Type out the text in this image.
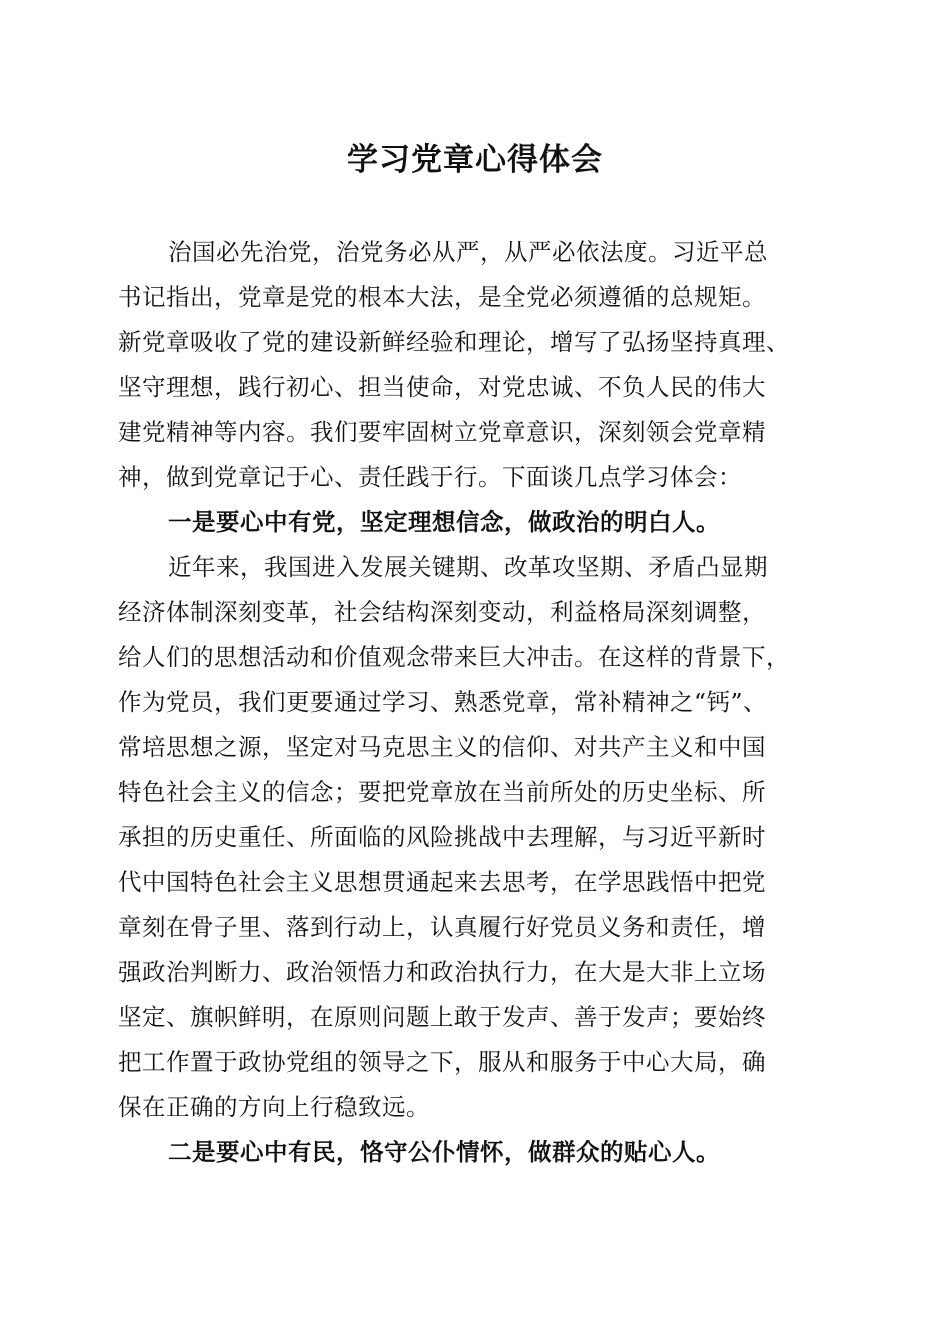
学习党章心得体会
治国必先治党，治党务必从严，从严必依法度。习近平总
书记指出，党章是党的根本大法，是全党必须遵循的总规矩。
新党章吸收了党的建设新鲜经验和理论，增写了弘扬坚持真理、
坚守理想，践行初心、担当使命，对党忠诚、不负人民的伟大
建党精神等内容。我们要牢固树立党章意识，深刻领会党章精
神，做到党章记于心、责任践于行。下面谈几点学习体会：
一是要心中有党，坚定理想信念，做政治的明白人。
近年来，我国进入发展关键期、改革攻坚期、矛盾凸显期
经济体制深刻变革，社会结构深刻变动，利益格局深刻调整，
给人们的思想活动和价值观念带来巨大冲击。在这样的背景下，
作为党员，我们更要通过学习、熟悉党章，常补精神之“钙”、
常培思想之源，坚定对马克思主义的信仰、对共产主义和中国
特色社会主义的信念；要把党章放在当前所处的历史坐标、所
承担的历史重任、所面临的风险挑战中去理解，与习近平新时
代中国特色社会主义思想贯通起来去思考，在学思践悟中把党
章刻在骨子里、落到行动上，认真履行好党员义务和责任，增
强政治判断力、政治领悟力和政治执行力，在大是大非上立场
坚定、旗帜鲜明，在原则问题上敢于发声、善于发声；要始终
把工作置于政协党组的领导之下，服从和服务于中心大局，确
保在正确的方向上行稳致远。
二是要心中有民，恪守公仆情怀，做群众的贴心人。
